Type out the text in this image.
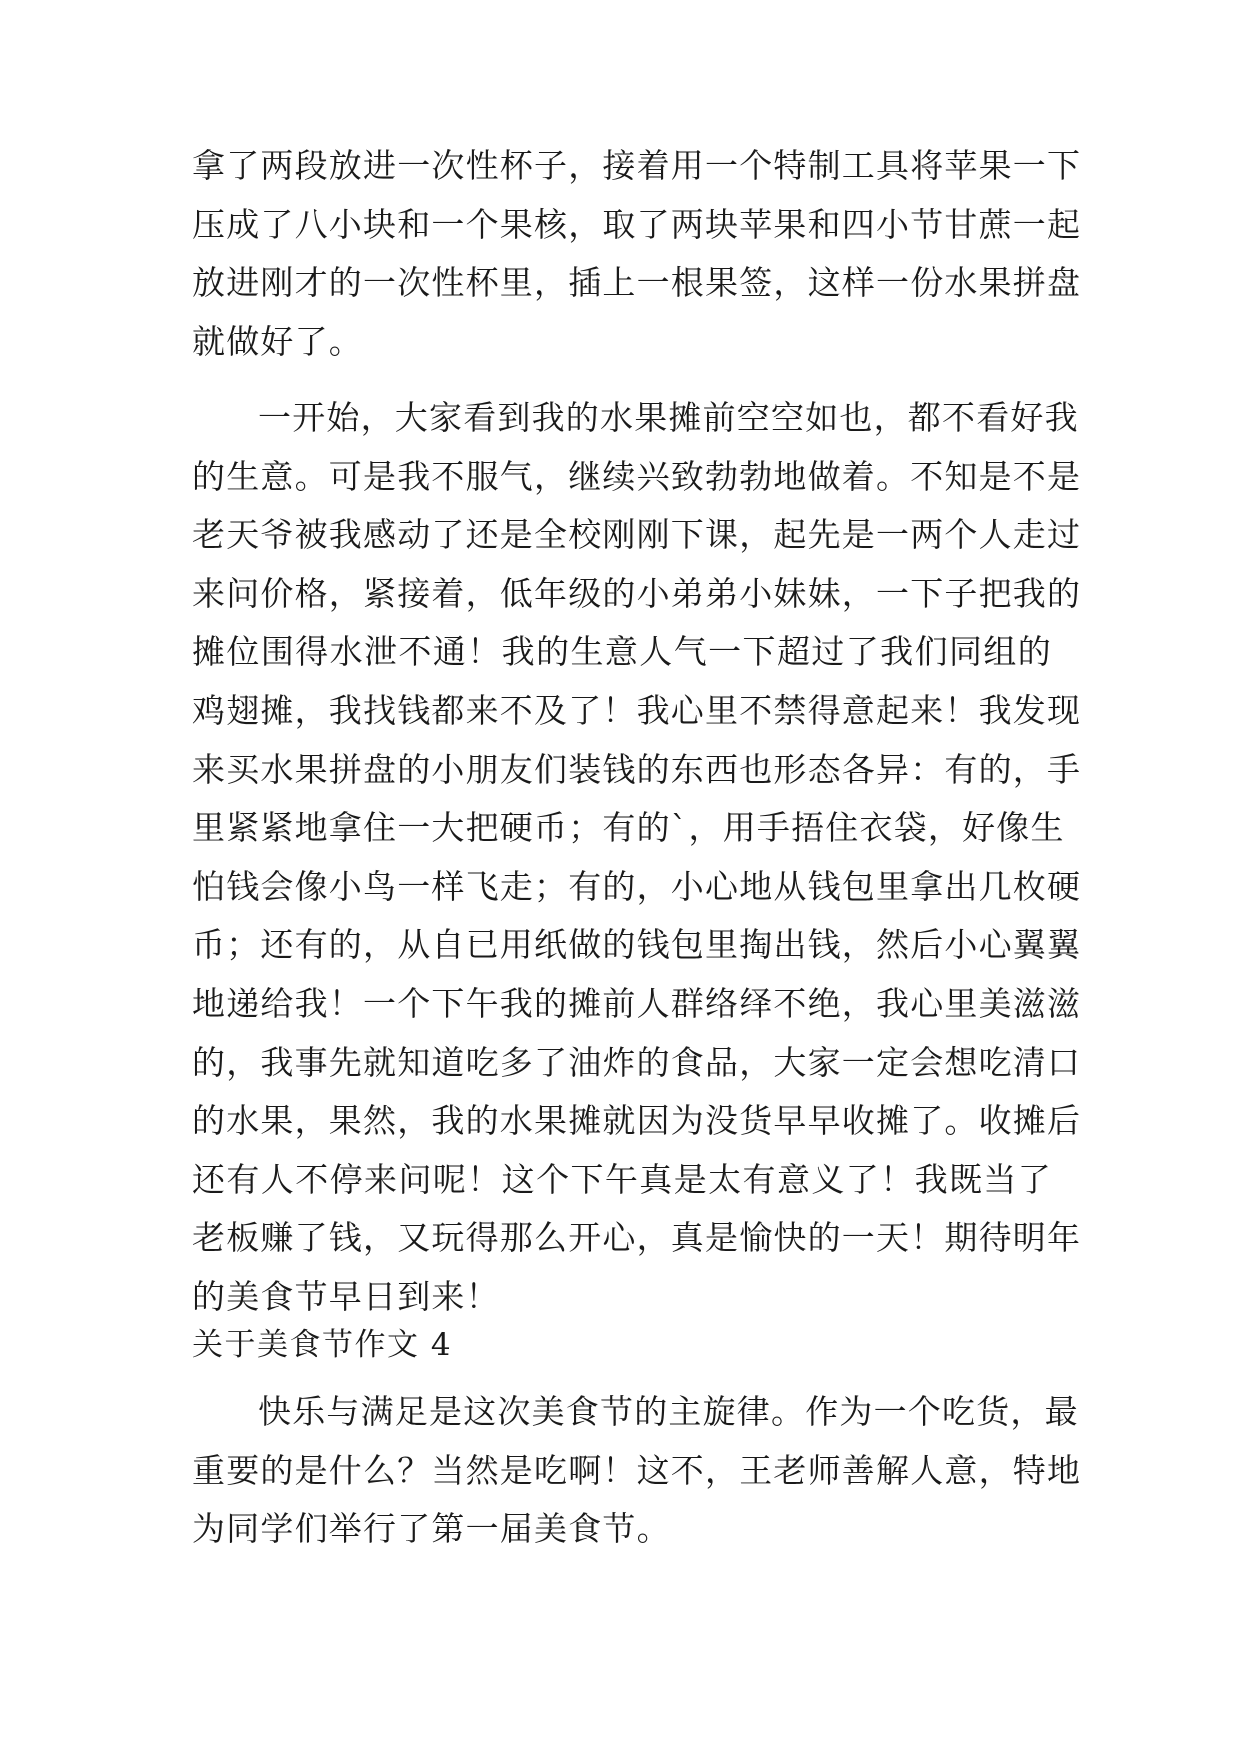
拿了两段放进一次性杯子，接着用一个特制工具将苹果一下
压成了八小块和一个果核，取了两块苹果和四小节甘蔗一起
放进刚才的一次性杯里，插上一根果签，这样一份水果拼盘
就做好了。
一开始，大家看到我的水果摊前空空如也，都不看好我
的生意。可是我不服气，继续兴致勃勃地做着。不知是不是
老天爷被我感动了还是全校刚刚下课，起先是一两个人走过
来问价格，紧接着，低年级的小弟弟小妹妹，一下子把我的
摊位围得水泄不通！我的生意人气一下超过了我们同组的
鸡翅摊，我找钱都来不及了！我心里不禁得意起来！我发现
来买水果拼盘的小朋友们装钱的东西也形态各异：有的，手
里紧紧地拿住一大把硬币；有的`，用手捂住衣袋，好像生
怕钱会像小鸟一样飞走；有的，小心地从钱包里拿出几枚硬
币；还有的，从自已用纸做的钱包里掏出钱，然后小心翼翼
地递给我！一个下午我的摊前人群络绎不绝，我心里美滋滋
的，我事先就知道吃多了油炸的食品，大家一定会想吃清口
的水果，果然，我的水果摊就因为没货早早收摊了。收摊后
还有人不停来问呢！这个下午真是太有意义了！我既当了
老板赚了钱，又玩得那么开心，真是愉快的一天！期待明年
的美食节早日到来！
关于美食节作文 4
快乐与满足是这次美食节的主旋律。作为一个吃货，最
重要的是什么？当然是吃啊！这不，王老师善解人意，特地
为同学们举行了第一届美食节。
